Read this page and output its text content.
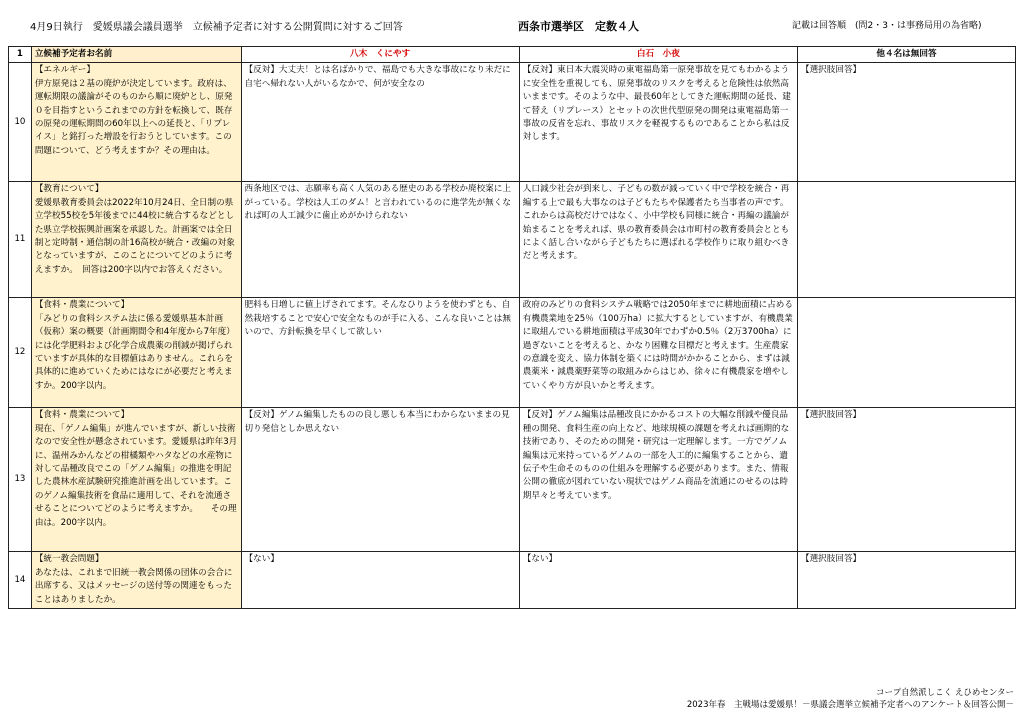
4月9日執行　愛媛県議会議員選挙　立候補予定者に対する公開質問に対するご回答	西条市選挙区　定数４人	記載は回答順　(問2・3・は事務局用の為省略)
1	立候補予定者お名前	八木　くにやす	白石　小夜	他４名は無回答
10	【エネルギー】
伊方原発は２基の廃炉が決定しています。政府は、運転期限の議論がそのものから順に廃炉とし、原発０を目指すというこれまでの方針を転換して、既存の原発の運転期間の60年以上への延長と、「リプレイス」と銘打った増設を行おうとしています。この問題について、どう考えますか？その理由は。	【反対】大丈夫！とは名ばかりで、福島でも大きな事故になり未だに自宅へ帰れない人がいるなかで、何が安全なの	【反対】東日本大震災時の東電福島第一原発事故を見てもわかるように安全性を重視しても、原発事故のリスクを考えると危険性は依然高いままです。そのような中、最長60年としてきた運転期間の延長、建て替え（リプレース）とセットの次世代型原発の開発は東電福島第一事故の反省を忘れ、事故リスクを軽視するものであることから私は反対します。	【選択肢回答】
11	【教育について】
愛媛県教育委員会は2022年10月24日、全日制の県立学校55校を5年後までに44校に統合するなどとした県立学校振興計画案を承認した。計画案では全日制と定時制・通信制の計16高校が統合・改編の対象となっていますが、このことについてどのように考えますか。　回答は200字以内でお答えください。	西条地区では、志願率も高く人気のある歴史のある学校か廃校案に上がっている。学校は人工のダム！と言われているのに進学先が無くなれば町の人工減少に歯止めがかけられない	人口減少社会が到来し、子どもの数が減っていく中で学校を統合・再編する上で最も大事なのは子どもたちや保護者たち当事者の声です。これからは高校だけではなく、小中学校も同様に統合・再編の議論が始まることを考えれば、県の教育委員会は市町村の教育委員会とともによく話し合いながら子どもたちに選ばれる学校作りに取り組むべきだと考えます。	
12	【食料・農業について】
「みどりの食料システム法に係る愛媛県基本計画（仮称）案の概要（計画期間令和4年度から7年度）には化学肥料および化学合成農薬の削減が掲げられていますが具体的な目標値はありません。これらを具体的に進めていくためにはなにが必要だと考えますか。200字以内。	肥料も日増しに値上げされてます。そんなひりようを使わずとも、自然栽培することで安心で安全なものが手に入る、こんな良いことは無いので、方針転換を早くして欲しい	政府のみどりの食料システム戦略では2050年までに耕地面積に占める有機農業地を25％（100万ha）に拡大するとしていますが、有機農業に取組んでいる耕地面積は平成30年でわずか0.5％（2万3700ha）に過ぎないことを考えると、かなり困難な目標だと考えます。生産農家の意識を変え、協力体制を築くには時間がかかることから、まずは減農薬米・減農薬野菜等の取組みからはじめ、徐々に有機農家を増やしていくやり方が良いかと考えます。	
13	【食料・農業について】
現在、「ゲノム編集」が進んでいますが、新しい技術なので安全性が懸念されています。愛媛県は昨年3月に、温州みかんなどの柑橘類やハタなどの水産物に対して品種改良でこの「ゲノム編集」の推進を明記した農林水産試験研究推進計画を出しています。このゲノム編集技術を食品に適用して、それを流通させることについてどのように考えますか。　　その理由は。200字以内。	【反対】ゲノム編集したものの良し悪しも本当にわからないままの見切り発信としか思えない	【反対】ゲノム編集は品種改良にかかるコストの大幅な削減や優良品種の開発、食料生産の向上など、地球規模の課題を考えれば画期的な技術であり、そのための開発・研究は一定理解します。一方でゲノム編集は元来持っているゲノムの一部を人工的に編集することから、遺伝子や生命そのものの仕組みを理解する必要があります。また、情報公開の徹底が図れていない現状ではゲノム商品を流通にのせるのは時期早々と考えています。	【選択肢回答】
14	【統一教会問題】
あなたは、これまで旧統一教会関係の団体の会合に出席する、又はメッセージの送付等の関連をもったことはありましたか。	【ない】	【ない】	【選択肢回答】
コープ自然派しこく えひめセンター
2023年春　主戦場は愛媛県！－県議会選挙立候補予定者へのアンケート＆回答公開－
